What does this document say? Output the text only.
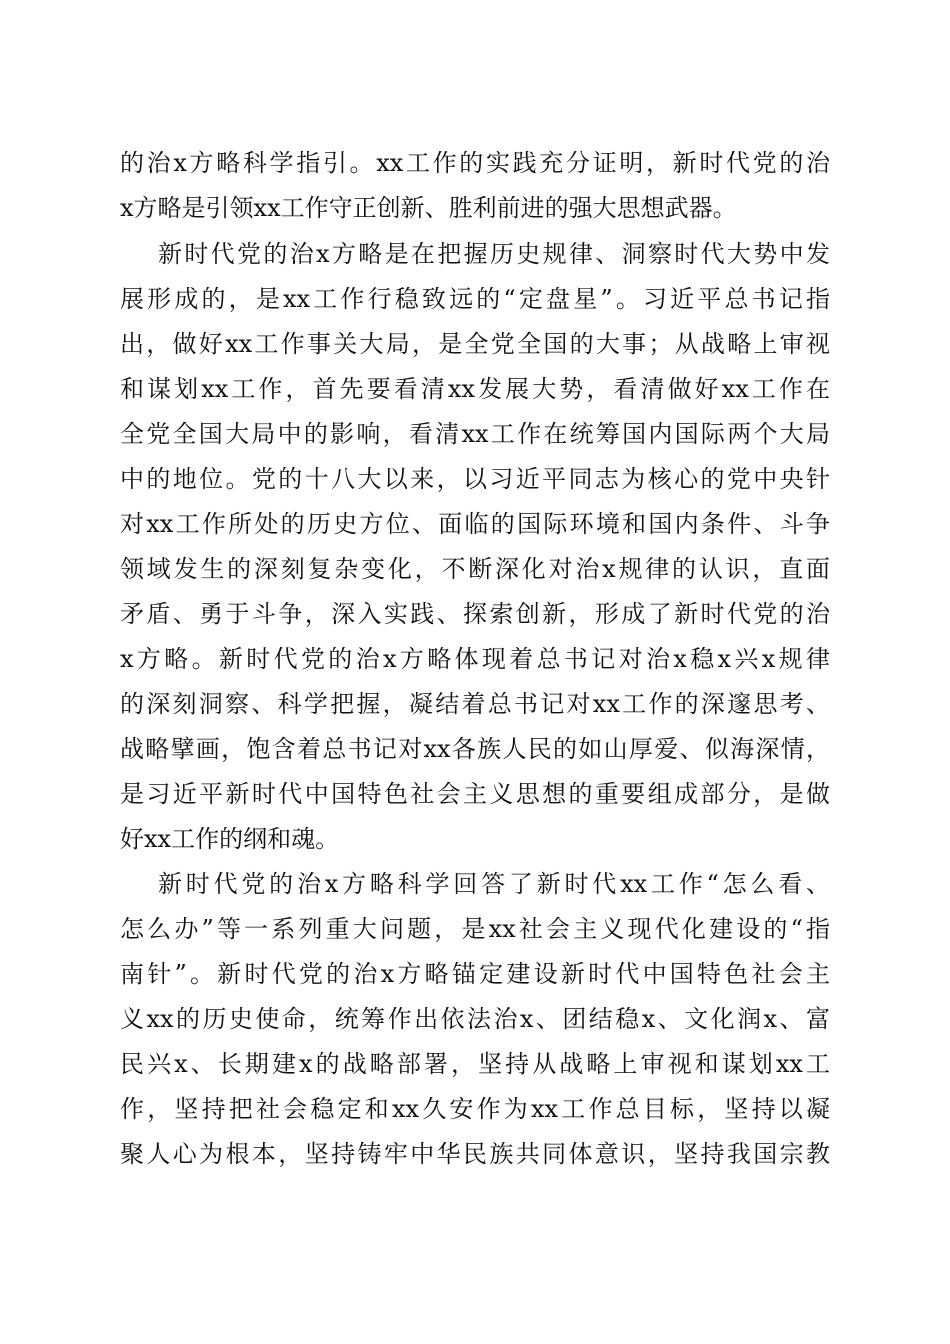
的治x方略科学指引。xx工作的实践充分证明，新时代党的治
x方略是引领xx工作守正创新、胜利前进的强大思想武器。
新时代党的治x方略是在把握历史规律、洞察时代大势中发
展形成的，是xx工作行稳致远的“定盘星”。习近平总书记指
出，做好xx工作事关大局，是全党全国的大事；从战略上审视
和谋划xx工作，首先要看清xx发展大势，看清做好xx工作在
全党全国大局中的影响，看清xx工作在统筹国内国际两个大局
中的地位。党的十八大以来，以习近平同志为核心的党中央针
对xx工作所处的历史方位、面临的国际环境和国内条件、斗争
领域发生的深刻复杂变化，不断深化对治x规律的认识，直面
矛盾、勇于斗争，深入实践、探索创新，形成了新时代党的治
x方略。新时代党的治x方略体现着总书记对治x稳x兴x规律
的深刻洞察、科学把握，凝结着总书记对xx工作的深邃思考、
战略擘画，饱含着总书记对xx各族人民的如山厚爱、似海深情，
是习近平新时代中国特色社会主义思想的重要组成部分，是做
好xx工作的纲和魂。
新时代党的治x方略科学回答了新时代xx工作“怎么看、
怎么办”等一系列重大问题，是xx社会主义现代化建设的“指
南针”。新时代党的治x方略锚定建设新时代中国特色社会主
义xx的历史使命，统筹作出依法治x、团结稳x、文化润x、富
民兴x、长期建x的战略部署，坚持从战略上审视和谋划xx工
作，坚持把社会稳定和xx久安作为xx工作总目标，坚持以凝
聚人心为根本，坚持铸牢中华民族共同体意识，坚持我国宗教
